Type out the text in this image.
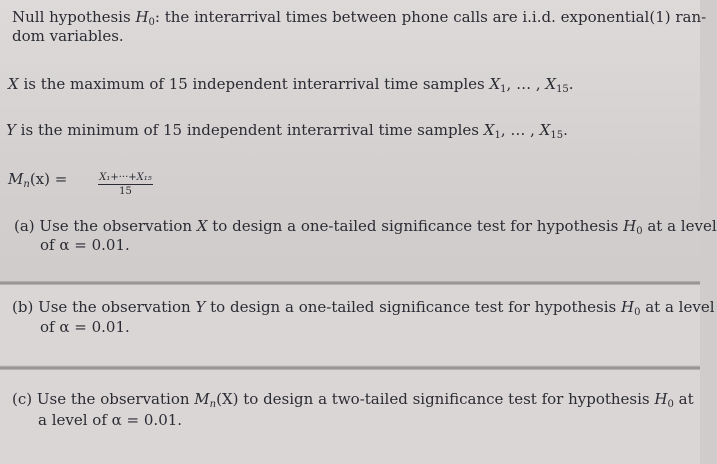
Null hypothesis $H_0$: the interarrival times between phone calls are i.i.d. exponential(1) ran-
dom variables.
X is the maximum of 15 independent interarrival time samples $X_1$, … , $X_{15}$.
Y is the minimum of 15 independent interarrival time samples $X_1$, … , $X_{15}$.
$M_n(x)$ =	$\frac{\text{X₁+···+X₁₅}}{15}$
(a) Use the observation X to design a one-tailed significance test for hypothesis $H_0$ at a level
of α = 0.01.
(b) Use the observation Y to design a one-tailed significance test for hypothesis $H_0$ at a level
of α = 0.01.
(c) Use the observation $M_n(X)$ to design a two-tailed significance test for hypothesis $H_0$ at
a level of α = 0.01.
